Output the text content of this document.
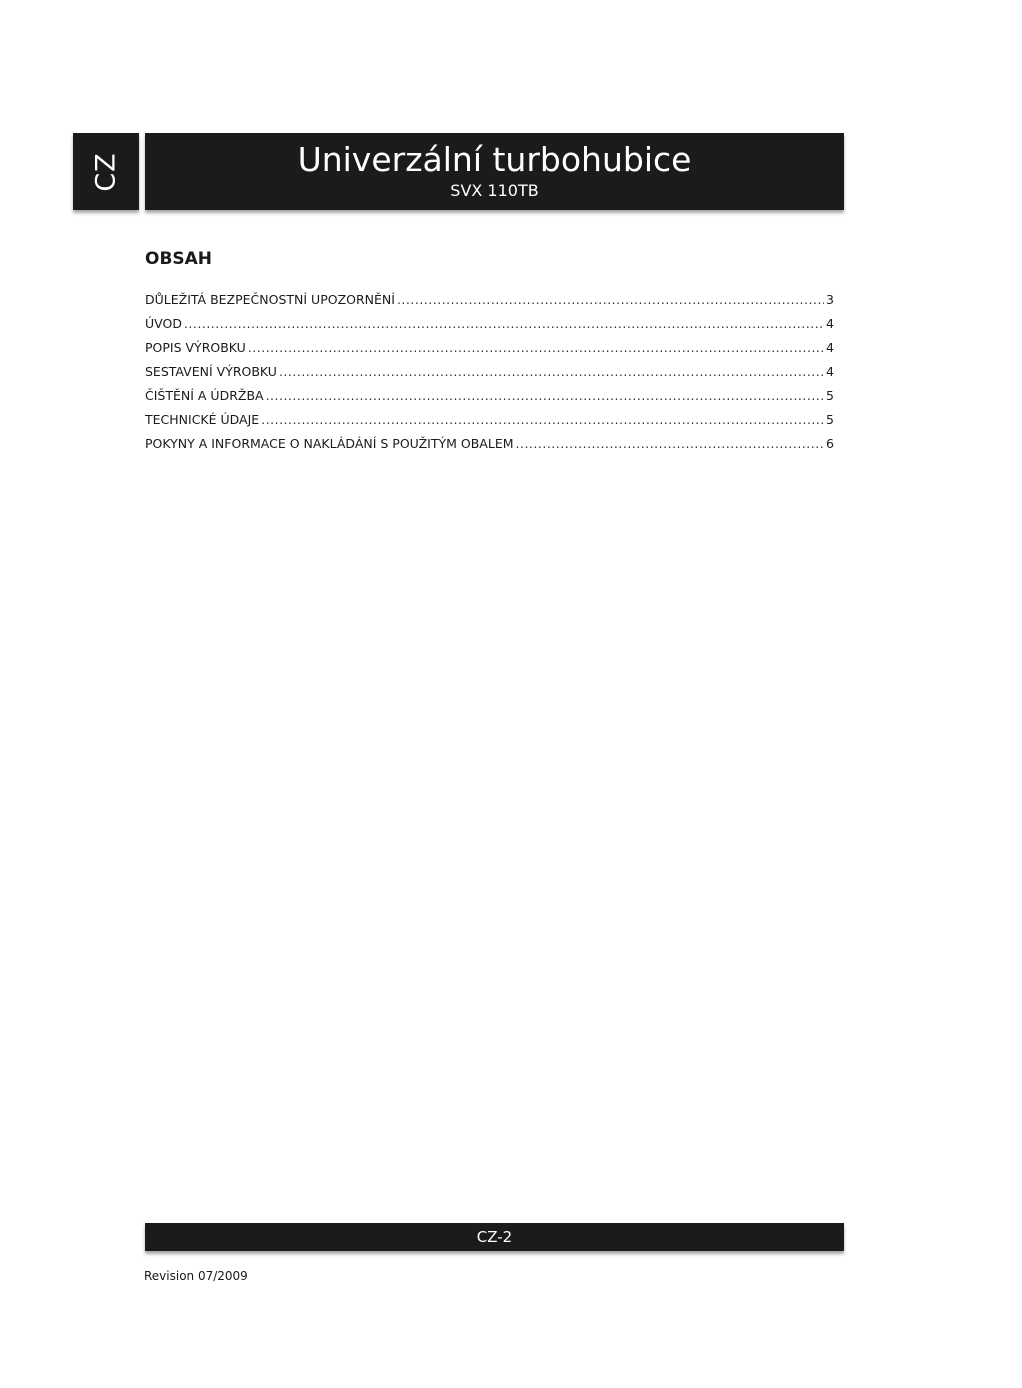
CZ	Univerzální turbohubice
SVX 110TB
OBSAH
DŮLEŽITÁ BEZPEČNOSTNÍ UPOZORNĚNÍ .....	3
ÚVOD .....	4
POPIS VÝROBKU .....	4
SESTAVENÍ VÝROBKU .....	4
ČIŠTĚNÍ A ÚDRŽBA .....	5
TECHNICKÉ ÚDAJE .....	5
POKYNY A INFORMACE O NAKLÁDÁNÍ S POUŽITÝM OBALEM .....	6
CZ-2
Revision 07/2009
